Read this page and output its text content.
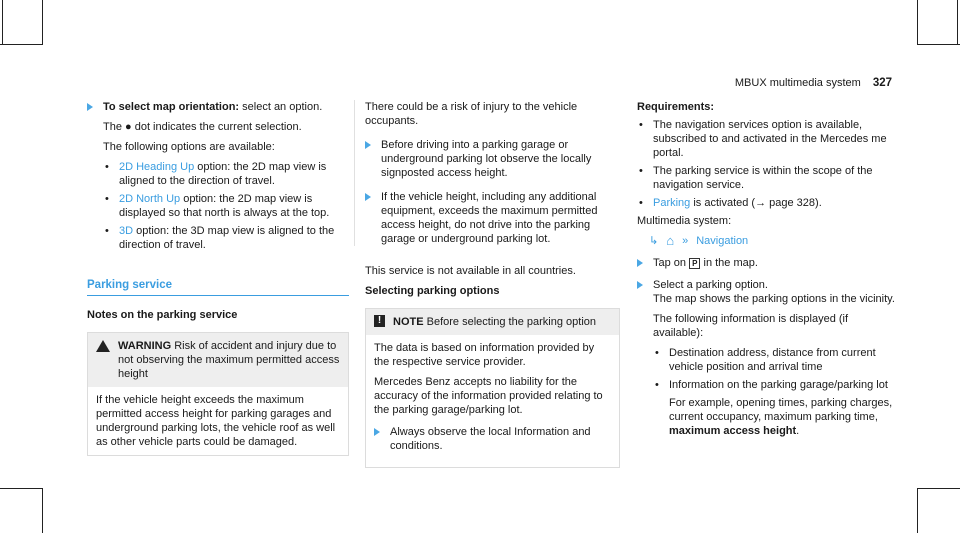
MBUX multimedia system 327

To select map orientation: select an option.

The ● dot indicates the current selection.

The following options are available:

• 2D Heading Up option: the 2D map view is aligned to the direction of travel.
• 2D North Up option: the 2D map view is displayed so that north is always at the top.
• 3D option: the 3D map view is aligned to the direction of travel.
Parking service
Notes on the parking service
WARNING Risk of accident and injury due to not observing the maximum permitted access height
If the vehicle height exceeds the maximum permitted access height for parking garages and underground parking lots, the vehicle roof as well as other vehicle parts could be damaged.

There could be a risk of injury to the vehicle occupants.

Before driving into a parking garage or underground parking lot observe the locally signposted access height.
If the vehicle height, including any additional equipment, exceeds the maximum permitted access height, do not drive into the parking garage or underground parking lot.

This service is not available in all countries.

Selecting parking options
!	NOTE Before selecting the parking option

The data is based on information provided by the respective service provider.

Mercedes Benz accepts no liability for the accuracy of the information provided relating to the parking garage/parking lot.

Always observe the local Information and conditions.
Requirements:
• The navigation services option is available, subscribed to and activated in the Mercedes me portal.
• The parking service is within the scope of the navigation service.
• Parking is activated (→ page 328).

Multimedia system:

↳ ⌂ » Navigation
Tap on P in the map.

Select a parking option.

The map shows the parking options in the vicinity.

The following information is displayed (if available):

• Destination address, distance from current vehicle position and arrival time
• Information on the parking garage/parking lot

For example, opening times, parking charges, current occupancy, maximum parking time, maximum access height.
